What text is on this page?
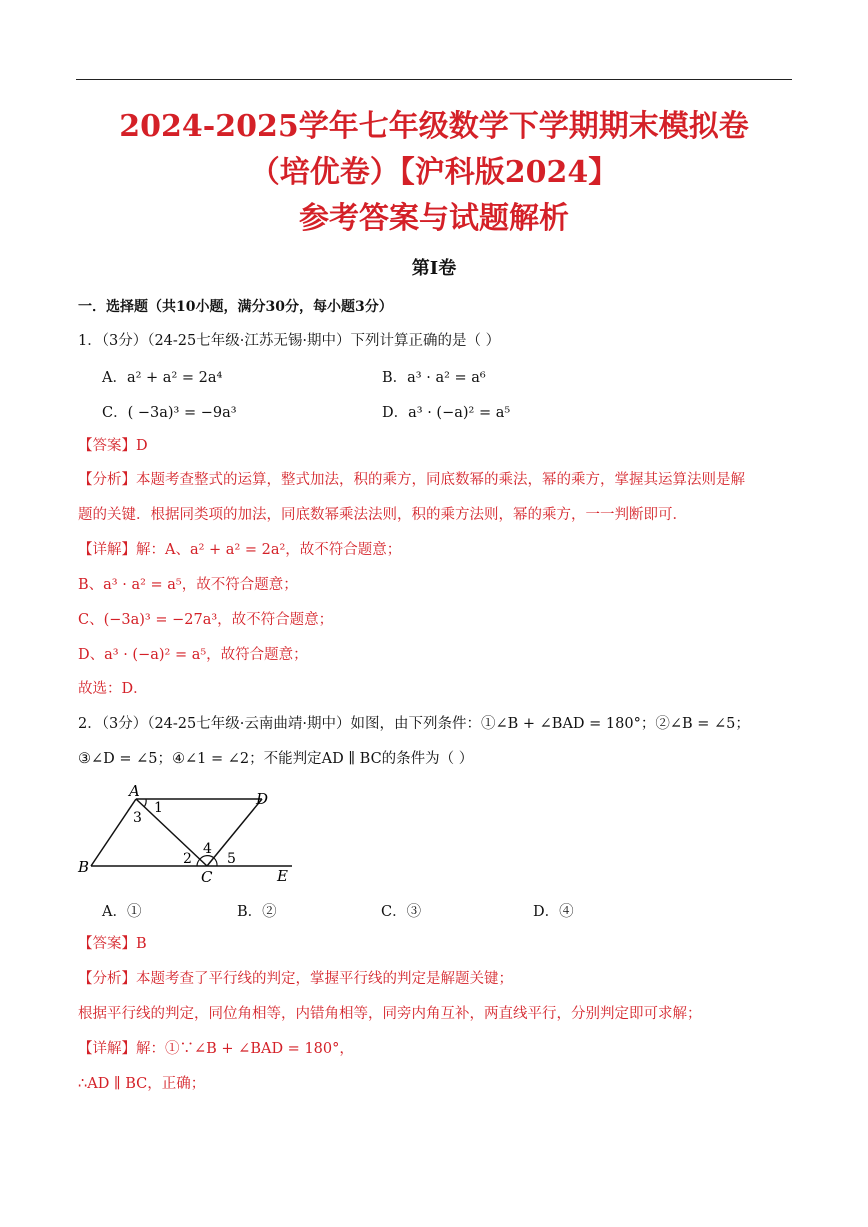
2024-2025学年七年级数学下学期期末模拟卷
（培优卷）【沪科版2024】
参考答案与试题解析
第Ⅰ卷
一．选择题（共10小题，满分30分，每小题3分）
1．（3分）（24-25七年级·江苏无锡·期中）下列计算正确的是（ ）
A．a² + a² = 2a⁴	B．a³ · a² = a⁶
C．( −3a)³ = −9a³	D．a³ · (−a)² = a⁵
【答案】D
【分析】本题考查整式的运算，整式加法，积的乘方，同底数幂的乘法，幂的乘方，掌握其运算法则是解
题的关键．根据同类项的加法，同底数幂乘法法则，积的乘方法则，幂的乘方，一一判断即可．
【详解】解：A、a² + a² = 2a²，故不符合题意；
B、a³ · a² = a⁵，故不符合题意；
C、(−3a)³ = −27a³，故不符合题意；
D、a³ · (−a)² = a⁵，故符合题意；
故选：D．
2．（3分）（24-25七年级·云南曲靖·期中）如图，由下列条件：①∠B + ∠BAD = 180°；②∠B = ∠5；
③∠D = ∠5；④∠1 = ∠2；不能判定AD ∥ BC的条件为（ ）
A	D
B
C	E
1
3
2
4
5
A．①	B．②	C．③	D．④
【答案】B
【分析】本题考查了平行线的判定，掌握平行线的判定是解题关键；
根据平行线的判定，同位角相等，内错角相等，同旁内角互补，两直线平行，分别判定即可求解；
【详解】解：①∵∠B + ∠BAD = 180°，
∴AD ∥ BC，正确；
